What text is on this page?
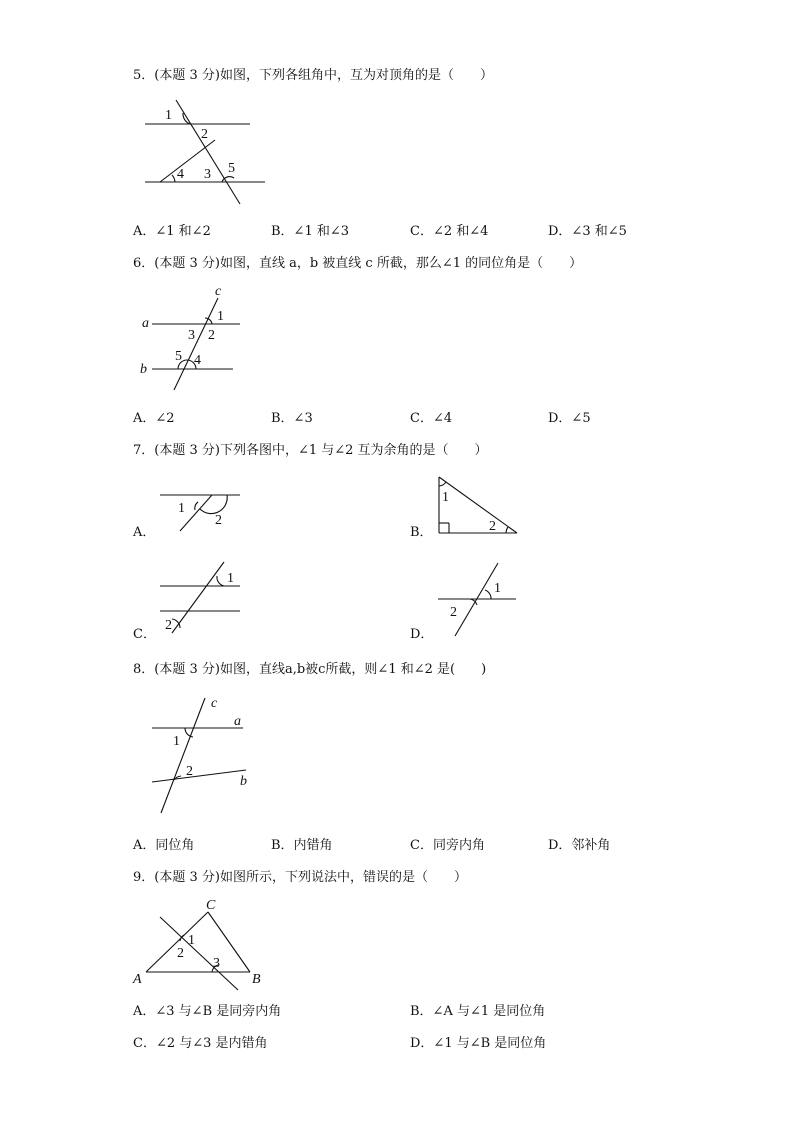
5．(本题 3 分)如图，下列各组角中，互为对顶角的是（　　）
1
2
3
4	5
A．∠1 和∠2	B．∠1 和∠3	C．∠2 和∠4	D．∠3 和∠5
6．(本题 3 分)如图，直线 a，b 被直线 c 所截，那么∠1 的同位角是（　　）
c
a	1
3 2
b
5 4
A．∠2	B．∠3	C．∠4	D．∠5
7．(本题 3 分)下列各图中，∠1 与∠2 互为余角的是（　　）
A．	B．
C．	D．
1
2
1
2
1
2
1
2
8．(本题 3 分)如图，直线a,b被c所截，则∠1 和∠2 是(　　)
c
a
1
2
b
A．同位角	B．内错角	C．同旁内角	D．邻补角
9．(本题 3 分)如图所示，下列说法中，错误的是（　　）
C
1
2
3
A	B
A．∠3 与∠B 是同旁内角	B．∠A 与∠1 是同位角
C．∠2 与∠3 是内错角	D．∠1 与∠B 是同位角
